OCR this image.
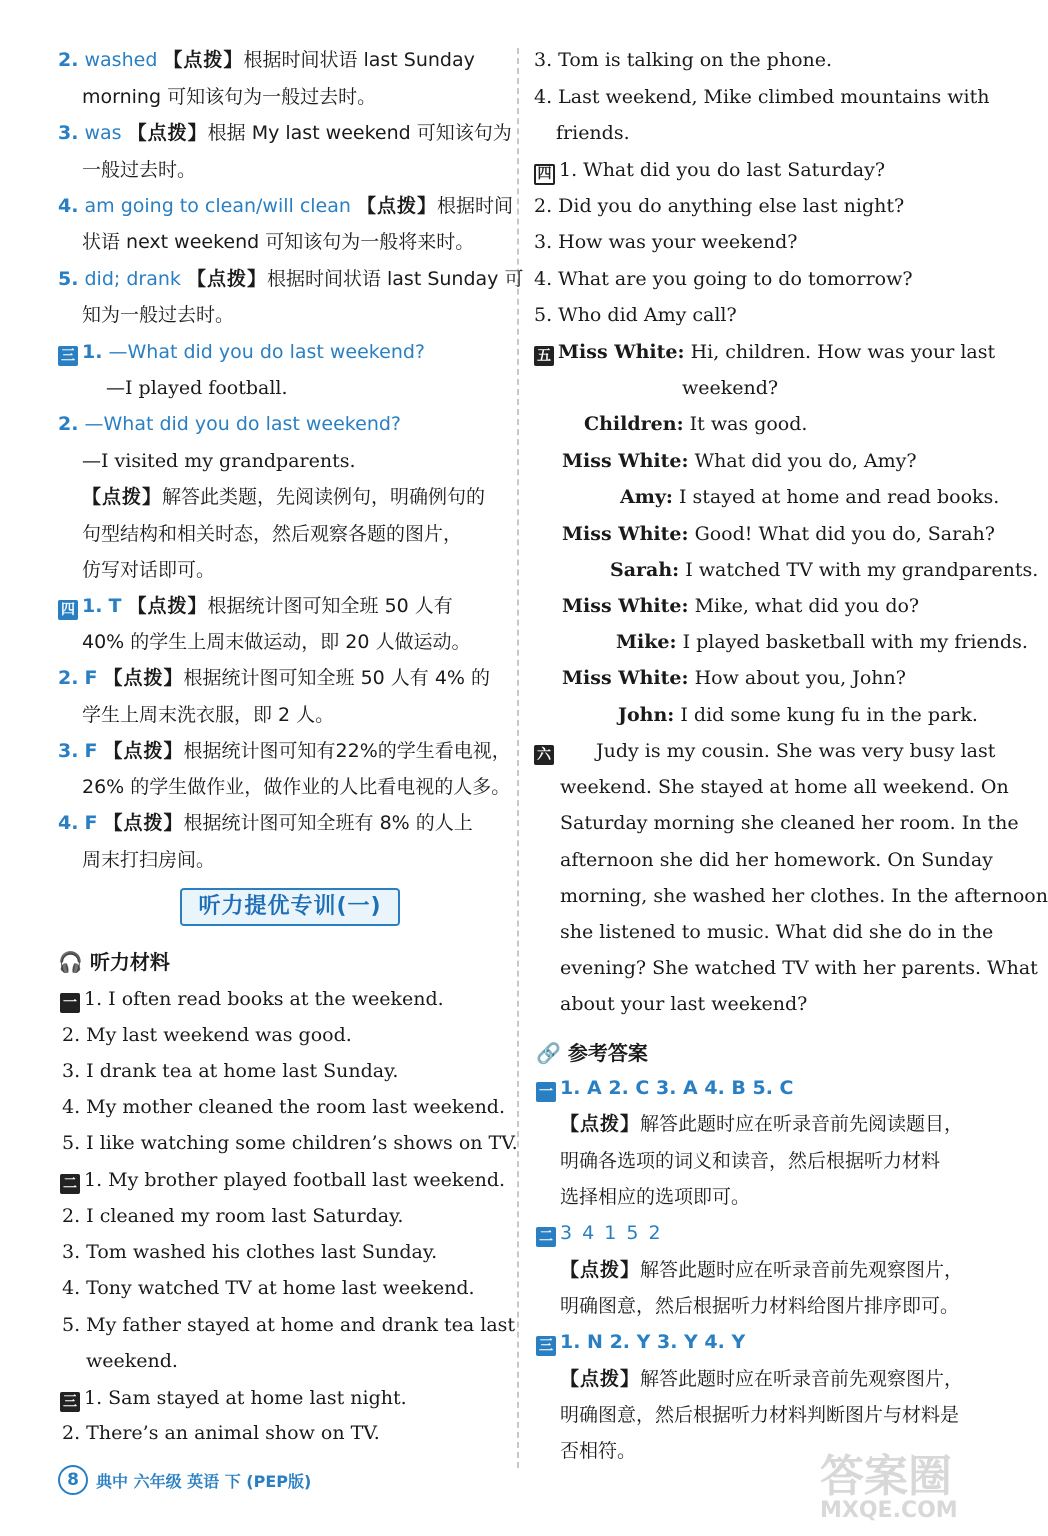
2. washed 【点拨】根据时间状语 last Sunday
morning 可知该句为一般过去时。
3. was 【点拨】根据 My last weekend 可知该句为
一般过去时。
4. am going to clean/will clean 【点拨】根据时间
状语 next weekend 可知该句为一般将来时。
5. did; drank 【点拨】根据时间状语 last Sunday 可
知为一般过去时。
三 1. —What did you do last weekend?
—I played football.
2. —What did you do last weekend?
—I visited my grandparents.
【点拨】解答此类题，先阅读例句，明确例句的
句型结构和相关时态，然后观察各题的图片，
仿写对话即可。
四 1. T 【点拨】根据统计图可知全班 50 人有
40% 的学生上周末做运动，即 20 人做运动。
2. F 【点拨】根据统计图可知全班 50 人有 4% 的
学生上周末洗衣服，即 2 人。
3. F 【点拨】根据统计图可知有22%的学生看电视，
26% 的学生做作业，做作业的人比看电视的人多。
4. F 【点拨】根据统计图可知全班有 8% 的人上
周末打扫房间。
听力提优专训(一)
🎧 听力材料
一 1. I often read books at the weekend.
2. My last weekend was good.
3. I drank tea at home last Sunday.
4. My mother cleaned the room last weekend.
5. I like watching some children’s shows on TV.
二 1. My brother played football last weekend.
2. I cleaned my room last Saturday.
3. Tom washed his clothes last Sunday.
4. Tony watched TV at home last weekend.
5. My father stayed at home and drank tea last
weekend.
三 1. Sam stayed at home last night.
2. There’s an animal show on TV.
3. Tom is talking on the phone.
4. Last weekend, Mike climbed mountains with
friends.
四 1. What did you do last Saturday?
2. Did you do anything else last night?
3. How was your weekend?
4. What are you going to do tomorrow?
5. Who did Amy call?
五 Miss White: Hi, children. How was your last
weekend?
Children: It was good.
Miss White: What did you do, Amy?
Amy: I stayed at home and read books.
Miss White: Good! What did you do, Sarah?
Sarah: I watched TV with my grandparents.
Miss White: Mike, what did you do?
Mike: I played basketball with my friends.
Miss White: How about you, John?
John: I did some kung fu in the park.
六 Judy is my cousin. She was very busy last
weekend. She stayed at home all weekend. On
Saturday morning she cleaned her room. In the
afternoon she did her homework. On Sunday
morning, she washed her clothes. In the afternoon
she listened to music. What did she do in the
evening? She watched TV with her parents. What
about your last weekend?
🔗 参考答案
一 1. A 2. C 3. A 4. B 5. C
【点拨】解答此题时应在听录音前先阅读题目，
明确各选项的词义和读音，然后根据听力材料
选择相应的选项即可。
二 3 4 1 5 2
【点拨】解答此题时应在听录音前先观察图片，
明确图意，然后根据听力材料给图片排序即可。
三 1. N 2. Y 3. Y 4. Y
【点拨】解答此题时应在听录音前先观察图片，
明确图意，然后根据听力材料判断图片与材料是
否相符。
8	典中 六年级 英语 下 (PEP版)	答案圈
MXQE.COM
